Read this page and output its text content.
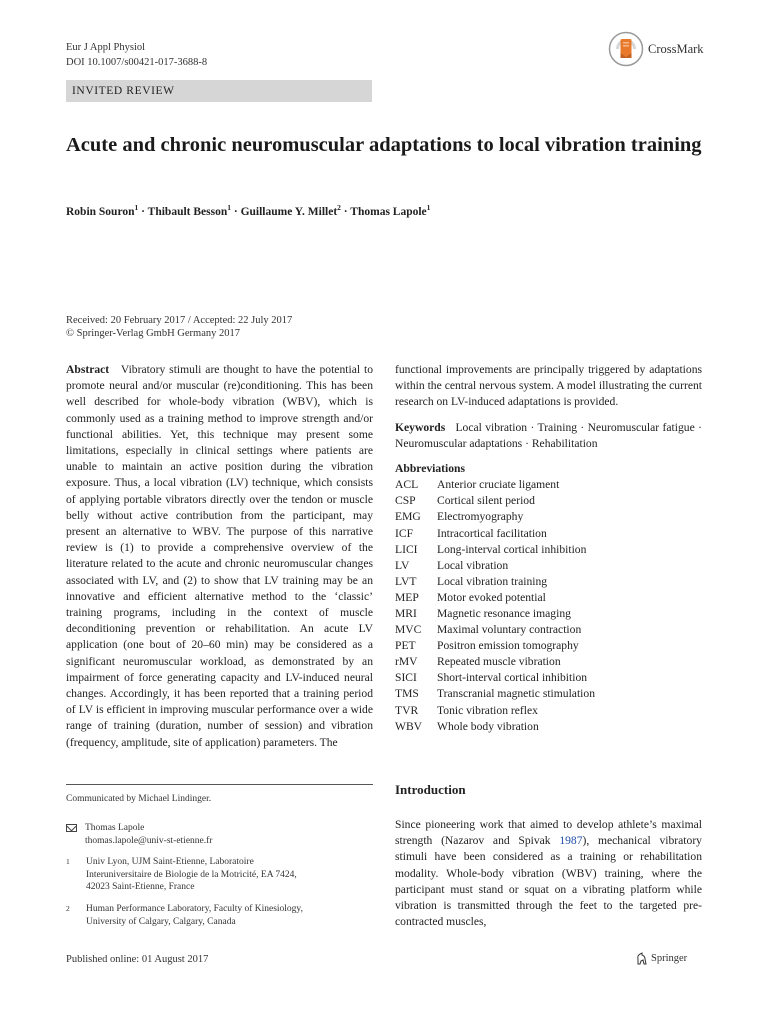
Eur J Appl Physiol
DOI 10.1007/s00421-017-3688-8
CrossMark
INVITED REVIEW
Acute and chronic neuromuscular adaptations to local vibration training
Robin Souron$^1$ · Thibault Besson$^1$ · Guillaume Y. Millet$^2$ · Thomas Lapole$^1$
Received: 20 February 2017 / Accepted: 22 July 2017
© Springer-Verlag GmbH Germany 2017
Abstract Vibratory stimuli are thought to have the potential to promote neural and/or muscular (re)conditioning. This has been well described for whole-body vibration (WBV), which is commonly used as a training method to improve strength and/or functional abilities. Yet, this technique may present some limitations, especially in clinical settings where patients are unable to maintain an active position during the vibration exposure. Thus, a local vibration (LV) technique, which consists of applying portable vibrators directly over the tendon or muscle belly without active contribution from the participant, may present an alternative to WBV. The purpose of this narrative review is (1) to provide a comprehensive overview of the literature related to the acute and chronic neuromuscular changes associated with LV, and (2) to show that LV training may be an innovative and efficient alternative method to the ‘classic’ training programs, including in the context of muscle deconditioning prevention or rehabilitation. An acute LV application (one bout of 20–60 min) may be considered as a significant neuromuscular workload, as demonstrated by an impairment of force generating capacity and LV-induced neural changes. Accordingly, it has been reported that a training period of LV is efficient in improving muscular performance over a wide range of training (duration, number of session) and vibration (frequency, amplitude, site of application) parameters. The
functional improvements are principally triggered by adaptations within the central nervous system. A model illustrating the current research on LV-induced adaptations is provided.
Keywords Local vibration · Training · Neuromuscular fatigue · Neuromuscular adaptations · Rehabilitation
Abbreviations
ACL	Anterior cruciate ligament
CSP	Cortical silent period
EMG	Electromyography
ICF	Intracortical facilitation
LICI	Long-interval cortical inhibition
LV	Local vibration
LVT	Local vibration training
MEP	Motor evoked potential
MRI	Magnetic resonance imaging
MVC	Maximal voluntary contraction
PET	Positron emission tomography
rMV	Repeated muscle vibration
SICI	Short-interval cortical inhibition
TMS	Transcranial magnetic stimulation
TVR	Tonic vibration reflex
WBV	Whole body vibration
Introduction
Since pioneering work that aimed to develop athlete’s maximal strength (Nazarov and Spivak 1987), mechanical vibratory stimuli have been considered as a training or rehabilitation modality. Whole-body vibration (WBV) training, where the participant must stand or squat on a vibrating platform while vibration is transmitted through the feet to the targeted pre-contracted muscles,
Communicated by Michael Lindinger.
Thomas Lapole
thomas.lapole@univ-st-etienne.fr
1	Univ Lyon, UJM Saint-Etienne, Laboratoire
Interuniversitaire de Biologie de la Motricité, EA 7424,
42023 Saint-Etienne, France
2	Human Performance Laboratory, Faculty of Kinesiology,
University of Calgary, Calgary, Canada
Published online: 01 August 2017	Springer
